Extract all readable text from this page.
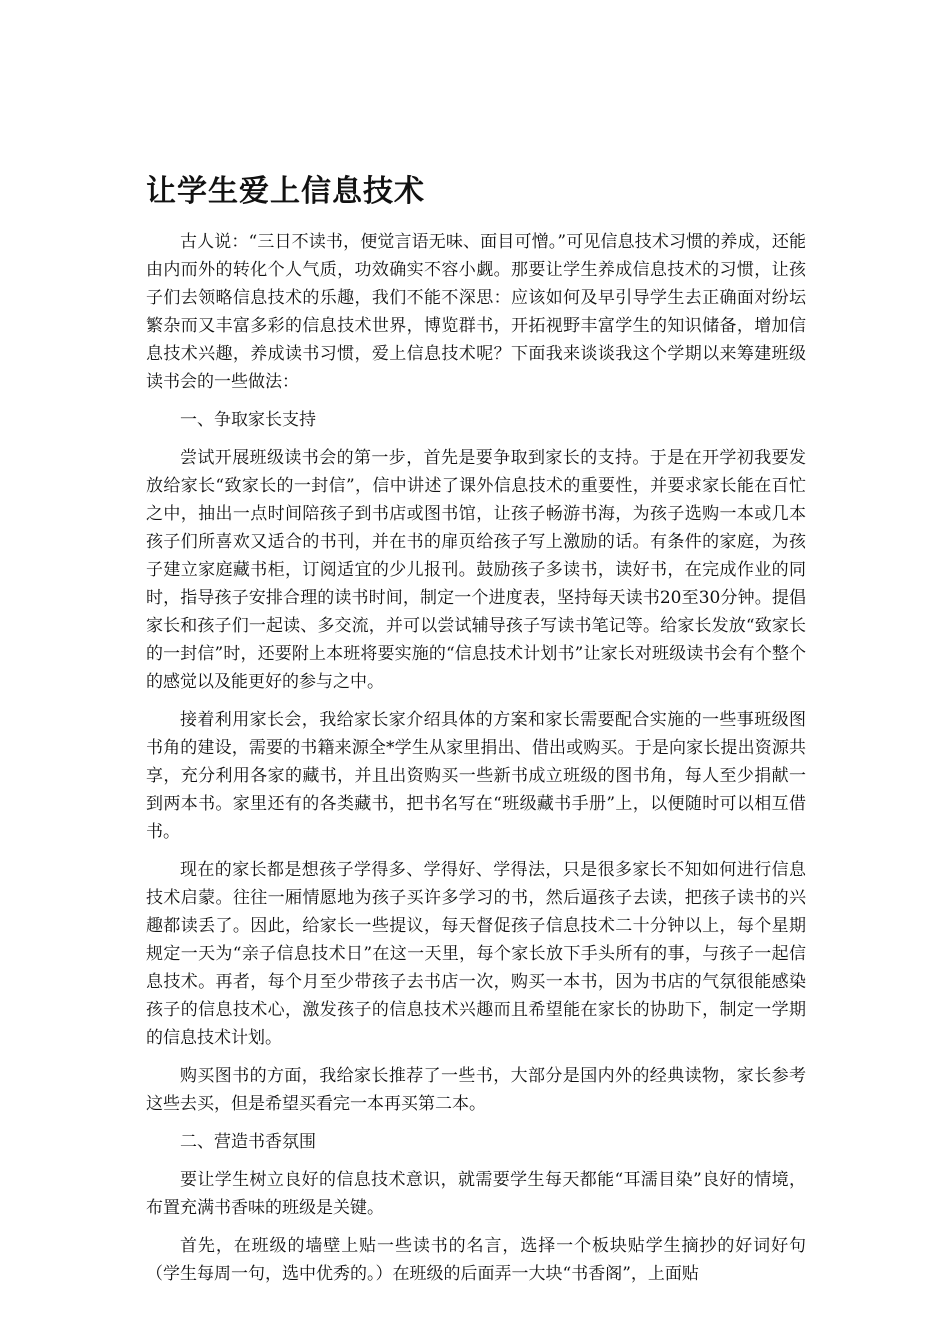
让学生爱上信息技术

古人说：“三日不读书，便觉言语无味、面目可憎。”可见信息技术习惯的养成，还能由内而外的转化个人气质，功效确实不容小觑。那要让学生养成信息技术的习惯，让孩子们去领略信息技术的乐趣，我们不能不深思：应该如何及早引导学生去正确面对纷坛繁杂而又丰富多彩的信息技术世界，博览群书，开拓视野丰富学生的知识储备，增加信息技术兴趣，养成读书习惯，爱上信息技术呢？下面我来谈谈我这个学期以来筹建班级读书会的一些做法：

一、争取家长支持

尝试开展班级读书会的第一步，首先是要争取到家长的支持。于是在开学初我要发放给家长“致家长的一封信”，信中讲述了课外信息技术的重要性，并要求家长能在百忙之中，抽出一点时间陪孩子到书店或图书馆，让孩子畅游书海，为孩子选购一本或几本孩子们所喜欢又适合的书刊，并在书的扉页给孩子写上激励的话。有条件的家庭，为孩子建立家庭藏书柜，订阅适宜的少儿报刊。鼓励孩子多读书，读好书，在完成作业的同时，指导孩子安排合理的读书时间，制定一个进度表，坚持每天读书20至30分钟。提倡家长和孩子们一起读、多交流，并可以尝试辅导孩子写读书笔记等。给家长发放“致家长的一封信”时，还要附上本班将要实施的“信息技术计划书”让家长对班级读书会有个整个的感觉以及能更好的参与之中。

接着利用家长会，我给家长家介绍具体的方案和家长需要配合实施的一些事班级图书角的建设，需要的书籍来源全*学生从家里捐出、借出或购买。于是向家长提出资源共享，充分利用各家的藏书，并且出资购买一些新书成立班级的图书角，每人至少捐献一到两本书。家里还有的各类藏书，把书名写在“班级藏书手册”上，以便随时可以相互借书。

现在的家长都是想孩子学得多、学得好、学得法，只是很多家长不知如何进行信息技术启蒙。往往一厢情愿地为孩子买许多学习的书，然后逼孩子去读，把孩子读书的兴趣都读丢了。因此，给家长一些提议，每天督促孩子信息技术二十分钟以上，每个星期规定一天为“亲子信息技术日”在这一天里，每个家长放下手头所有的事，与孩子一起信息技术。再者，每个月至少带孩子去书店一次，购买一本书，因为书店的气氛很能感染孩子的信息技术心，激发孩子的信息技术兴趣而且希望能在家长的协助下，制定一学期的信息技术计划。

购买图书的方面，我给家长推荐了一些书，大部分是国内外的经典读物，家长参考这些去买，但是希望买看完一本再买第二本。

二、营造书香氛围

要让学生树立良好的信息技术意识，就需要学生每天都能“耳濡目染”良好的情境，布置充满书香味的班级是关键。

首先，在班级的墙壁上贴一些读书的名言，选择一个板块贴学生摘抄的好词好句（学生每周一句，选中优秀的。）在班级的后面弄一大块“书香阁”，上面贴
